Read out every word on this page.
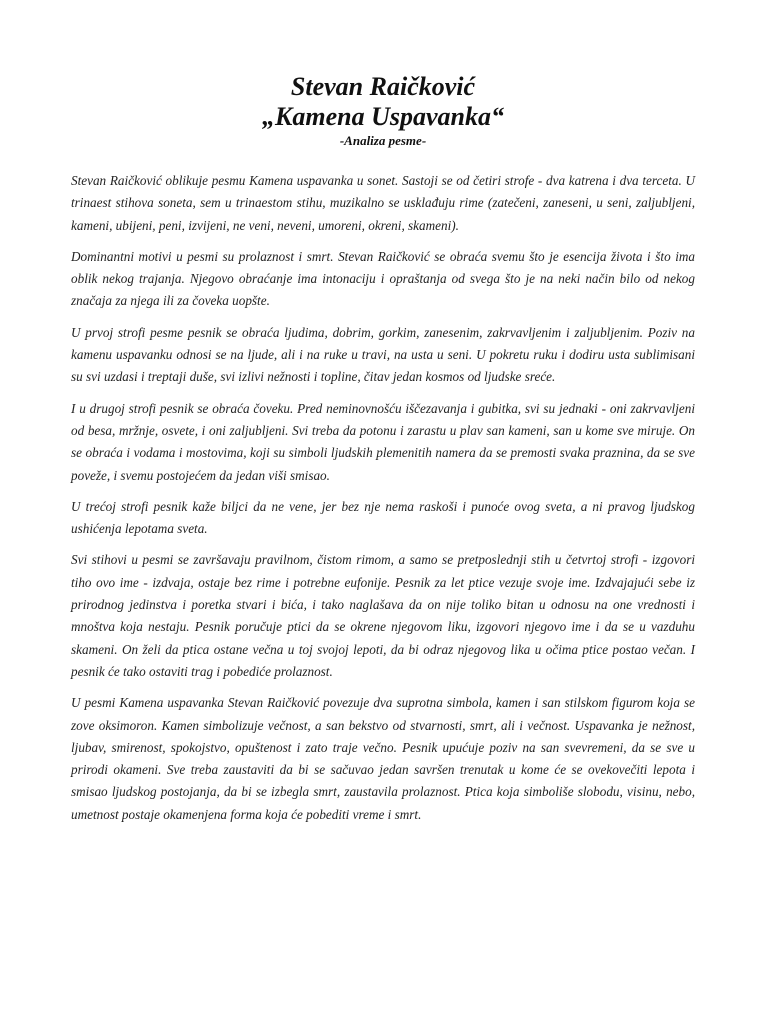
Stevan Raičković
„Kamena Uspavanka“
-Analiza pesme-

Stevan Raičković oblikuje pesmu Kamena uspavanka u sonet. Sastoji se od četiri strofe - dva katrena i dva terceta. U trinaest stihova soneta, sem u trinaestom stihu, muzikalno se usklađuju rime (zatečeni, zaneseni, u seni, zaljubljeni, kameni, ubijeni, peni, izvijeni, ne veni, neveni, umoreni, okreni, skameni).

Dominantni motivi u pesmi su prolaznost i smrt. Stevan Raičković se obraća svemu što je esencija života i što ima oblik nekog trajanja. Njegovo obraćanje ima intonaciju i opraštanja od svega što je na neki način bilo od nekog značaja za njega ili za čoveka uopšte.

U prvoj strofi pesme pesnik se obraća ljudima, dobrim, gorkim, zanesenim, zakrvavljenim i zaljubljenim. Poziv na kamenu uspavanku odnosi se na ljude, ali i na ruke u travi, na usta u seni. U pokretu ruku i dodiru usta sublimisani su svi uzdasi i treptaji duše, svi izlivi nežnosti i topline, čitav jedan kosmos od ljudske sreće.

I u drugoj strofi pesnik se obraća čoveku. Pred neminovnošću iščezavanja i gubitka, svi su jednaki - oni zakrvavljeni od besa, mržnje, osvete, i oni zaljubljeni. Svi treba da potonu i zarastu u plav san kameni, san u kome sve miruje. On se obraća i vodama i mostovima, koji su simboli ljudskih plemenitih namera da se premosti svaka praznina, da se sve poveže, i svemu postojećem da jedan viši smisao.

U trećoj strofi pesnik kaže biljci da ne vene, jer bez nje nema raskoši i punoće ovog sveta, a ni pravog ljudskog ushićenja lepotama sveta.

Svi stihovi u pesmi se završavaju pravilnom, čistom rimom, a samo se pretposlednji stih u četvrtoj strofi - izgovori tiho ovo ime - izdvaja, ostaje bez rime i potrebne eufonije. Pesnik za let ptice vezuje svoje ime. Izdvajajući sebe iz prirodnog jedinstva i poretka stvari i bića, i tako naglašava da on nije toliko bitan u odnosu na one vrednosti i mnoštva koja nestaju. Pesnik poručuje ptici da se okrene njegovom liku, izgovori njegovo ime i da se u vazduhu skameni. On želi da ptica ostane večna u toj svojoj lepoti, da bi odraz njegovog lika u očima ptice postao večan. I pesnik će tako ostaviti trag i pobediće prolaznost.

U pesmi Kamena uspavanka Stevan Raičković povezuje dva suprotna simbola, kamen i san stilskom figurom koja se zove oksimoron. Kamen simbolizuje večnost, a san bekstvo od stvarnosti, smrt, ali i večnost. Uspavanka je nežnost, ljubav, smirenost, spokojstvo, opuštenost i zato traje večno. Pesnik upućuje poziv na san svevremeni, da se sve u prirodi okameni. Sve treba zaustaviti da bi se sačuvao jedan savršen trenutak u kome će se ovekovečiti lepota i smisao ljudskog postojanja, da bi se izbegla smrt, zaustavila prolaznost. Ptica koja simboliše slobodu, visinu, nebo, umetnost postaje okamenjena forma koja će pobediti vreme i smrt.
